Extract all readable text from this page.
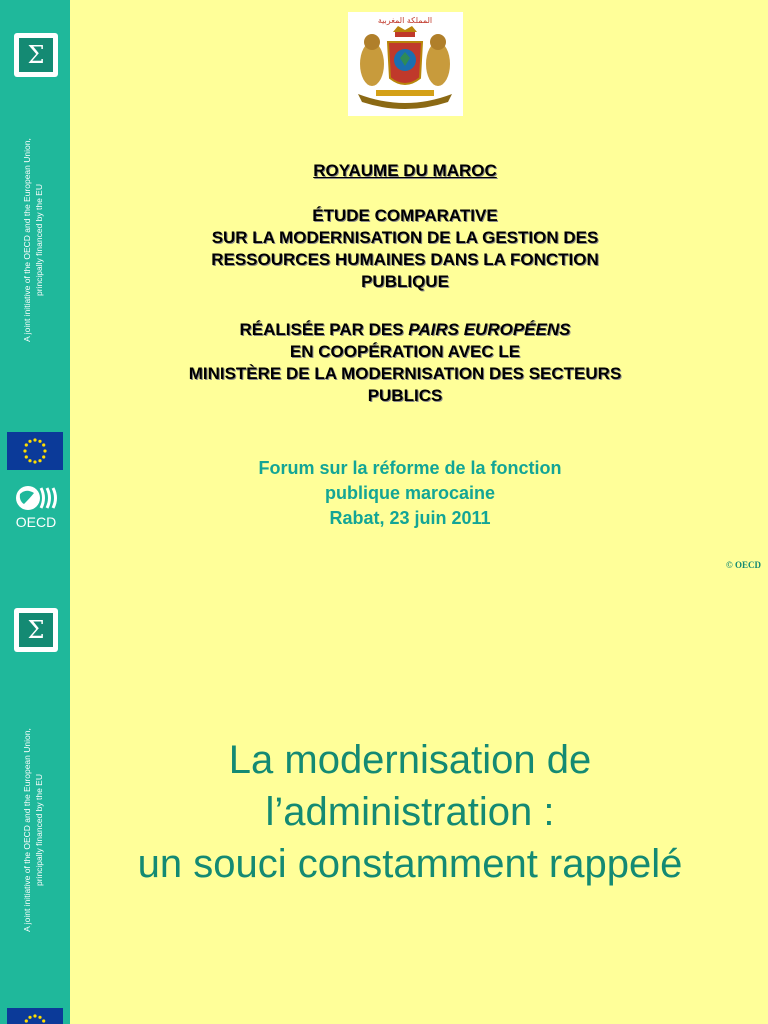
Σ
A joint initiative of the OECD and the European Union, principally financed by the EU
OECD
المملكة المغربية
ROYAUME DU MAROC
ÉTUDE COMPARATIVE
SUR LA MODERNISATION DE LA GESTION DES
RESSOURCES HUMAINES DANS LA FONCTION
PUBLIQUE
RÉALISÉE PAR DES PAIRS EUROPÉENS
EN COOPÉRATION AVEC LE
MINISTÈRE DE LA MODERNISATION DES SECTEURS
PUBLICS
Forum sur la réforme de la fonction
publique marocaine
Rabat, 23 juin 2011
© OECD
Σ
A joint initiative of the OECD and the European Union, principally financed by the EU
La modernisation de
l’administration :
un souci constamment rappelé
